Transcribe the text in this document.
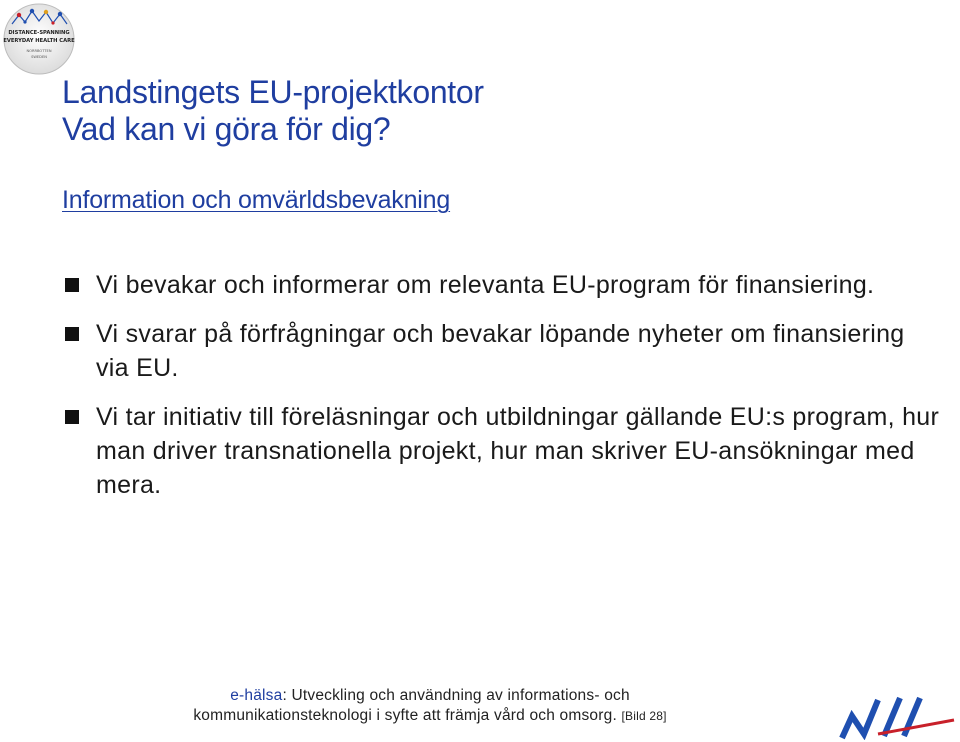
DISTANCE-SPANNING
EVERYDAY HEALTH CARE
NORRBOTTEN
SWEDEN
Landstingets EU-projektkontor
Vad kan vi göra för dig?
Information och omvärldsbevakning
Vi bevakar och informerar om relevanta EU-program för finansiering.
Vi svarar på förfrågningar och bevakar löpande nyheter om finansiering via EU.
Vi tar initiativ till föreläsningar och utbildningar gällande EU:s program, hur man driver transnationella projekt, hur man skriver EU-ansökningar med mera.
e-hälsa: Utveckling och användning av informations- och
kommunikationsteknologi i syfte att främja vård och omsorg. [Bild 28]
